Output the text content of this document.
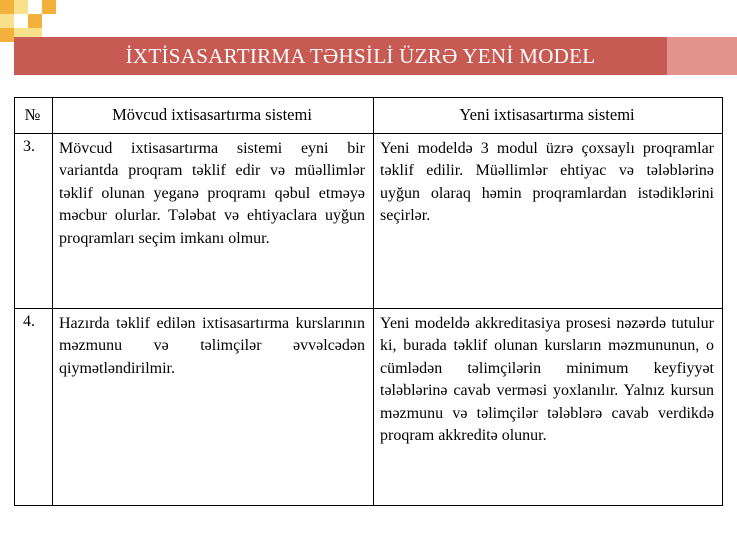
İXTİSASARTIRMA TƏHSİLİ ÜZRƏ YENİ MODEL
№	Mövcud ixtisasartırma sistemi	Yeni ixtisasartırma sistemi
3.	Mövcud ixtisasartırma sistemi eyni bir variantda proqram təklif edir və müəllimlər təklif olunan yeganə proqramı qəbul etməyə məcbur olurlar. Tələbat və ehtiyaclara uyğun proqramları seçim imkanı olmur.	Yeni modeldə 3 modul üzrə çoxsaylı proqramlar təklif edilir. Müəllimlər ehtiyac və tələblərinə uyğun olaraq həmin proqramlardan istədiklərini seçirlər.
4.	Hazırda təklif edilən ixtisasartırma kurslarının məzmunu və təlimçilər əvvəlcədən qiymətləndirilmir.	Yeni modeldə akkreditasiya prosesi nəzərdə tutulur ki, burada təklif olunan kursların məzmununun, o cümlədən təlimçilərin minimum keyfiyyət tələblərinə cavab verməsi yoxlanılır. Yalnız kursun məzmunu və təlimçilər tələblərə cavab verdikdə proqram akkreditə olunur.
